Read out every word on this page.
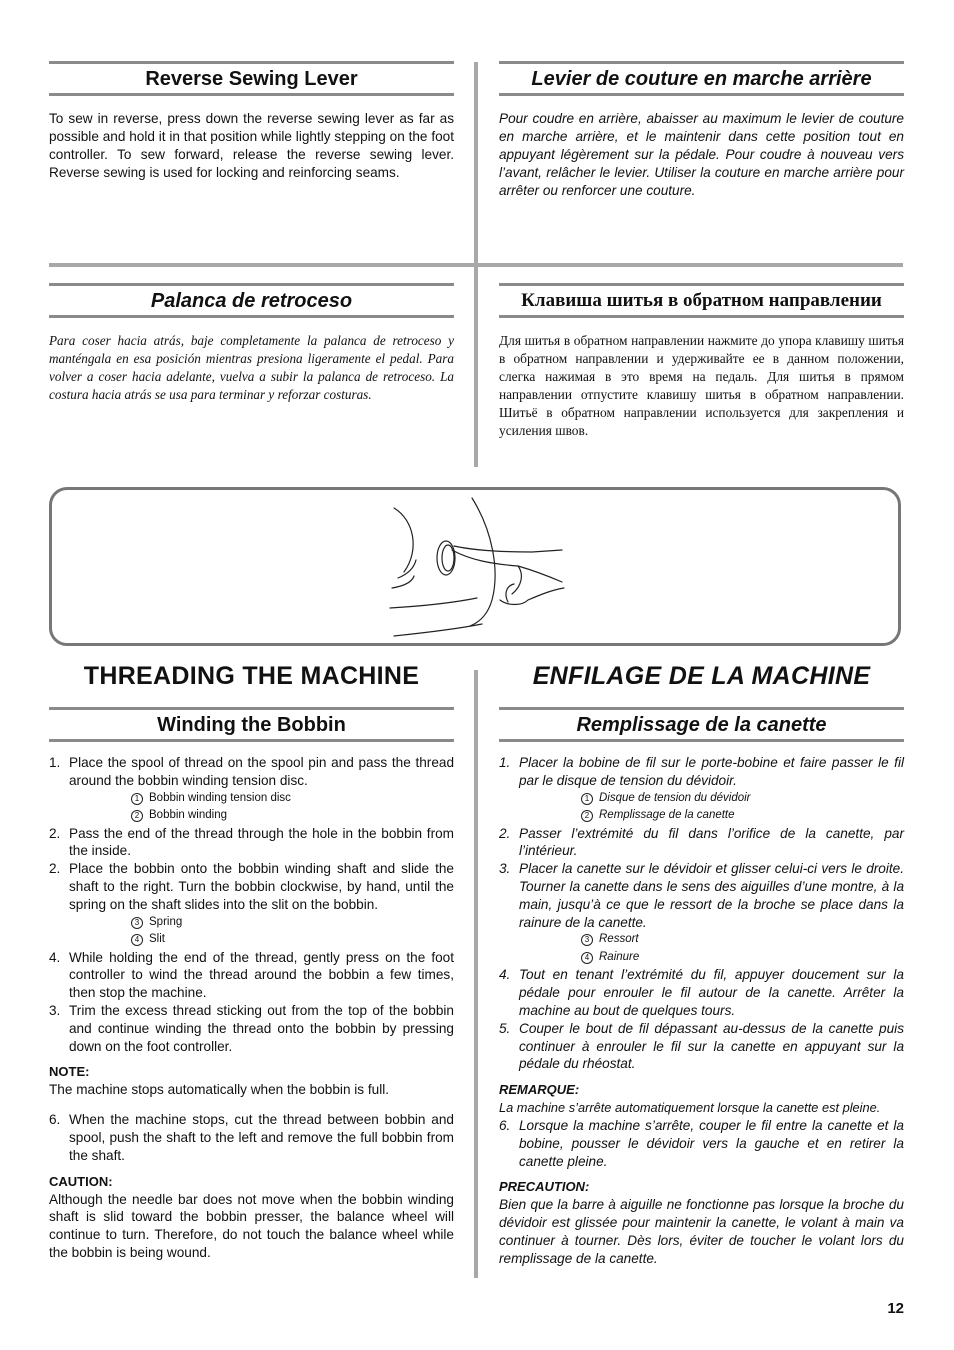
Reverse Sewing Lever
To sew in reverse, press down the reverse sewing lever as far as possible and hold it in that position while lightly stepping on the foot controller. To sew forward, release the reverse sewing lever. Reverse sewing is used for locking and reinforcing seams.
Levier de couture en marche arrière
Pour coudre en arrière, abaisser au maximum le levier de couture en marche arrière, et le maintenir dans cette position tout en appuyant légèrement sur la pédale. Pour coudre à nouveau vers l’avant, relâcher le levier. Utiliser la couture en marche arrière pour arrêter ou renforcer une couture.
Palanca de retroceso
Para coser hacia atrás, baje completamente la palanca de retroceso y manténgala en esa posición mientras presiona ligeramente el pedal. Para volver a coser hacia adelante, vuelva a subir la palanca de retroceso. La costura hacia atrás se usa para terminar y reforzar costuras.
Клавиша шитья в обратном направлении
Для шитья в обратном направлении нажмите до упора клавишу шитья в обратном направлении и удерживайте ее в данном положении, слегка нажимая в это время на педаль. Для шитья в прямом направлении отпустите клавишу шитья в обратном направлении. Шитьё в обратном направлении используется для закрепления и усиления швов.
THREADING THE MACHINE	ENFILAGE DE LA MACHINE
Winding the Bobbin
1. Place the spool of thread on the spool pin and pass the thread around the bobbin winding tension disc.
1 Bobbin winding tension disc
2 Bobbin winding
2. Pass the end of the thread through the hole in the bobbin from the inside.
2. Place the bobbin onto the bobbin winding shaft and slide the shaft to the right. Turn the bobbin clockwise, by hand, until the spring on the shaft slides into the slit on the bobbin.
3 Spring
4 Slit
4. While holding the end of the thread, gently press on the foot controller to wind the thread around the bobbin a few times, then stop the machine.
3. Trim the excess thread sticking out from the top of the bobbin and continue winding the thread onto the bobbin by pressing down on the foot controller.
NOTE:
The machine stops automatically when the bobbin is full.
6. When the machine stops, cut the thread between bobbin and spool, push the shaft to the left and remove the full bobbin from the shaft.
CAUTION:
Although the needle bar does not move when the bobbin winding shaft is slid toward the bobbin presser, the balance wheel will continue to turn. Therefore, do not touch the balance wheel while the bobbin is being wound.
Remplissage de la canette
1. Placer la bobine de fil sur le porte-bobine et faire passer le fil par le disque de tension du dévidoir.
1 Disque de tension du dévidoir
2 Remplissage de la canette
2. Passer l’extrémité du fil dans l’orifice de la canette, par l’intérieur.
3. Placer la canette sur le dévidoir et glisser celui-ci vers le droite. Tourner la canette dans le sens des aiguilles d’une montre, à la main, jusqu’à ce que le ressort de la broche se place dans la rainure de la canette.
3 Ressort
4 Rainure
4. Tout en tenant l’extrémité du fil, appuyer doucement sur la pédale pour enrouler le fil autour de la canette. Arrêter la machine au bout de quelques tours.
5. Couper le bout de fil dépassant au-dessus de la canette puis continuer à enrouler le fil sur la canette en appuyant sur la pédale du rhéostat.
REMARQUE:
La machine s’arrête automatiquement lorsque la canette est pleine.
6. Lorsque la machine s’arrête, couper le fil entre la canette et la bobine, pousser le dévidoir vers la gauche et en retirer la canette pleine.
PRECAUTION:
Bien que la barre à aiguille ne fonctionne pas lorsque la broche du dévidoir est glissée pour maintenir la canette, le volant à main va continuer à tourner. Dès lors, éviter de toucher le volant lors du remplissage de la canette.
12
